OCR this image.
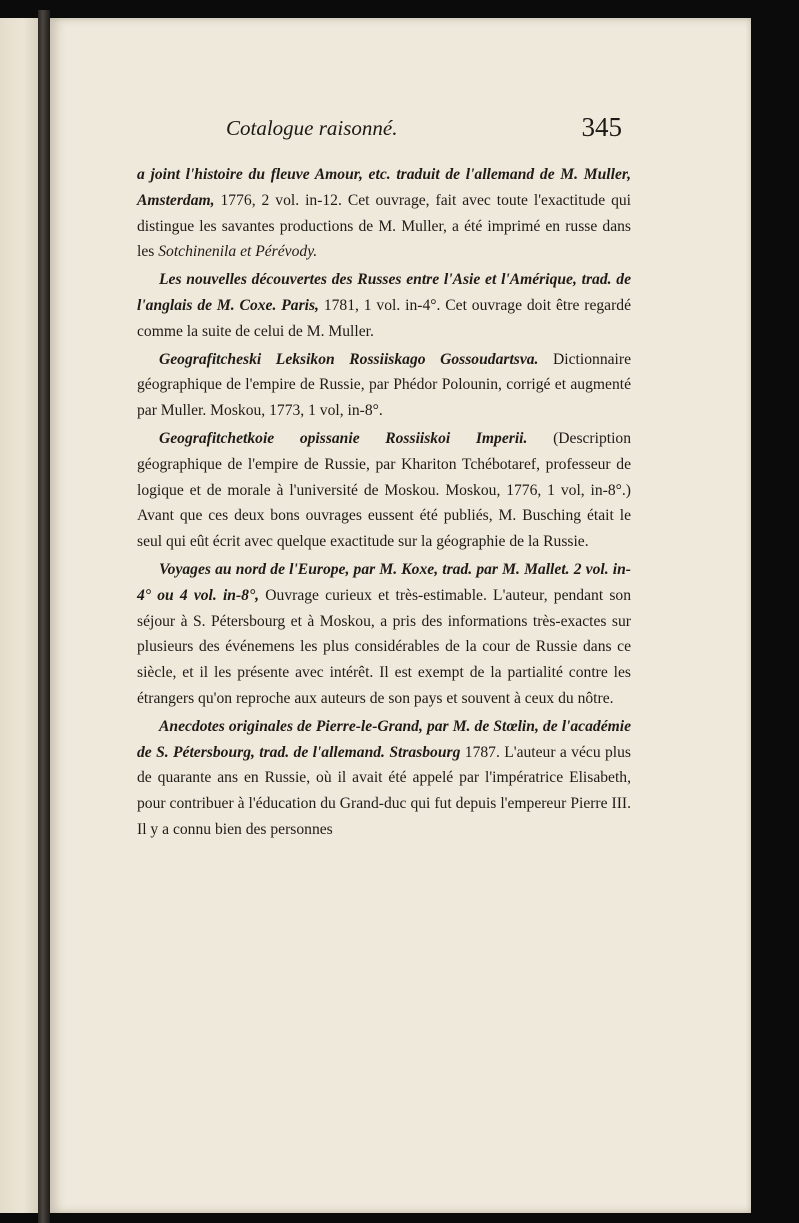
Cotalogue raisonné.	345

a joint l'histoire du fleuve Amour, etc. traduit de l'allemand de M. Muller, Amsterdam, 1776, 2 vol. in-12. Cet ouvrage, fait avec toute l'exactitude qui distingue les savantes productions de M. Muller, a été imprimé en russe dans les Sotchinenila et Pérévody.

Les nouvelles découvertes des Russes entre l'Asie et l'Amérique, trad. de l'anglais de M. Coxe. Paris, 1781, 1 vol. in-4°. Cet ouvrage doit être regardé comme la suite de celui de M. Muller.

Geografitcheski Leksikon Rossiiskago Gossoudartsva. Dictionnaire géographique de l'empire de Russie, par Phédor Polounin, corrigé et augmenté par Muller. Moskou, 1773, 1 vol, in-8°.

Geografitchetkoie opissanie Rossiiskoi Imperii. (Description géographique de l'empire de Russie, par Khariton Tchébotaref, professeur de logique et de morale à l'université de Moskou. Moskou, 1776, 1 vol, in-8°.) Avant que ces deux bons ouvrages eussent été publiés, M. Busching était le seul qui eût écrit avec quelque exactitude sur la géographie de la Russie.

Voyages au nord de l'Europe, par M. Koxe, trad. par M. Mallet. 2 vol. in-4° ou 4 vol. in-8°, Ouvrage curieux et très-estimable. L'auteur, pendant son séjour à S. Pétersbourg et à Moskou, a pris des informations très-exactes sur plusieurs des événemens les plus considérables de la cour de Russie dans ce siècle, et il les présente avec intérêt. Il est exempt de la partialité contre les étrangers qu'on reproche aux auteurs de son pays et souvent à ceux du nôtre.

Anecdotes originales de Pierre-le-Grand, par M. de Stœlin, de l'académie de S. Pétersbourg, trad. de l'allemand. Strasbourg 1787. L'auteur a vécu plus de quarante ans en Russie, où il avait été appelé par l'impératrice Elisabeth, pour contribuer à l'éducation du Grand-duc qui fut depuis l'empereur Pierre III. Il y a connu bien des personnes
